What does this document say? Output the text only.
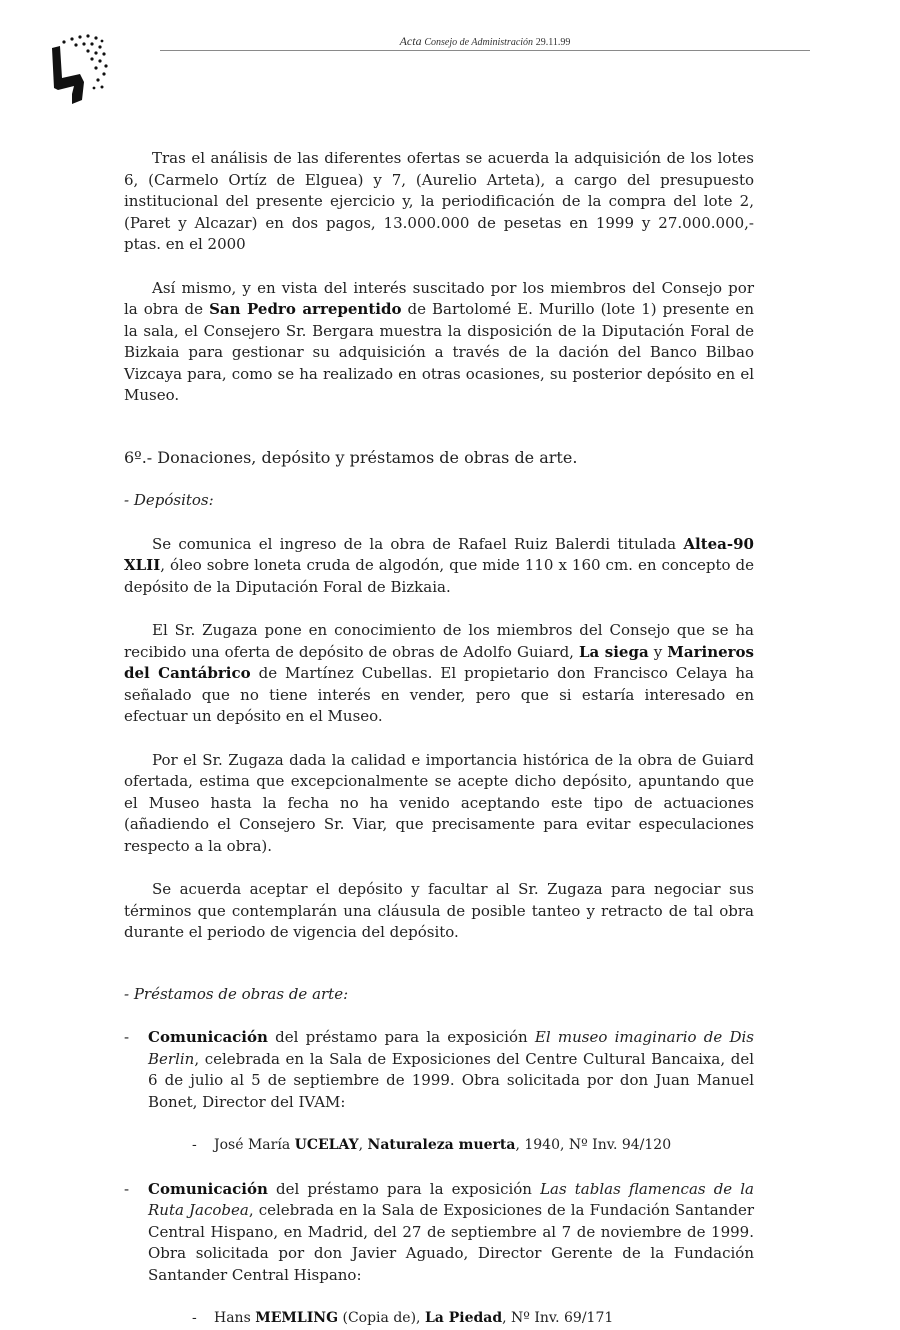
Acta Consejo de Administración 29.11.99

Tras el análisis de las diferentes ofertas se acuerda la adquisición de los lotes 6, (Carmelo Ortíz de Elguea) y 7, (Aurelio Arteta), a cargo del presupuesto institucional del presente ejercicio y, la periodificación de la compra del lote 2, (Paret y Alcazar) en dos pagos, 13.000.000 de pesetas en 1999 y 27.000.000,- ptas. en el 2000

Así mismo, y en vista del interés suscitado por los miembros del Consejo por la obra de San Pedro arrepentido de Bartolomé E. Murillo (lote 1) presente en la sala, el Consejero Sr. Bergara muestra la disposición de la Diputación Foral de Bizkaia para gestionar su adquisición a través de la dación del Banco Bilbao Vizcaya para, como se ha realizado en otras ocasiones, su posterior depósito en el Museo.

6º.- Donaciones, depósito y préstamos de obras de arte.

- Depósitos:

Se comunica el ingreso de la obra de Rafael Ruiz Balerdi titulada Altea-90 XLII, óleo sobre loneta cruda de algodón, que mide 110 x 160 cm. en concepto de depósito de la Diputación Foral de Bizkaia.

El Sr. Zugaza pone en conocimiento de los miembros del Consejo que se ha recibido una oferta de depósito de obras de Adolfo Guiard, La siega y Marineros del Cantábrico de Martínez Cubellas. El propietario don Francisco Celaya ha señalado que no tiene interés en vender, pero que si estaría interesado en efectuar un depósito en el Museo.

Por el Sr. Zugaza dada la calidad e importancia histórica de la obra de Guiard ofertada, estima que excepcionalmente se acepte dicho depósito, apuntando que el Museo hasta la fecha no ha venido aceptando este tipo de actuaciones (añadiendo el Consejero Sr. Viar, que precisamente para evitar especulaciones respecto a la obra).

Se acuerda aceptar el depósito y facultar al Sr. Zugaza para negociar sus términos que contemplarán una cláusula de posible tanteo y retracto de tal obra durante el periodo de vigencia del depósito.

- Préstamos de obras de arte:

- Comunicación del préstamo para la exposición El museo imaginario de Dis Berlin, celebrada en la Sala de Exposiciones del Centre Cultural Bancaixa, del 6 de julio al 5 de septiembre de 1999. Obra solicitada por don Juan Manuel Bonet, Director del IVAM:

- José María UCELAY, Naturaleza muerta, 1940, Nº Inv. 94/120

- Comunicación del préstamo para la exposición Las tablas flamencas de la Ruta Jacobea, celebrada en la Sala de Exposiciones de la Fundación Santander Central Hispano, en Madrid, del 27 de septiembre al 7 de noviembre de 1999. Obra solicitada por don Javier Aguado, Director Gerente de la Fundación Santander Central Hispano:

- Hans MEMLING (Copia de), La Piedad, Nº Inv. 69/171
